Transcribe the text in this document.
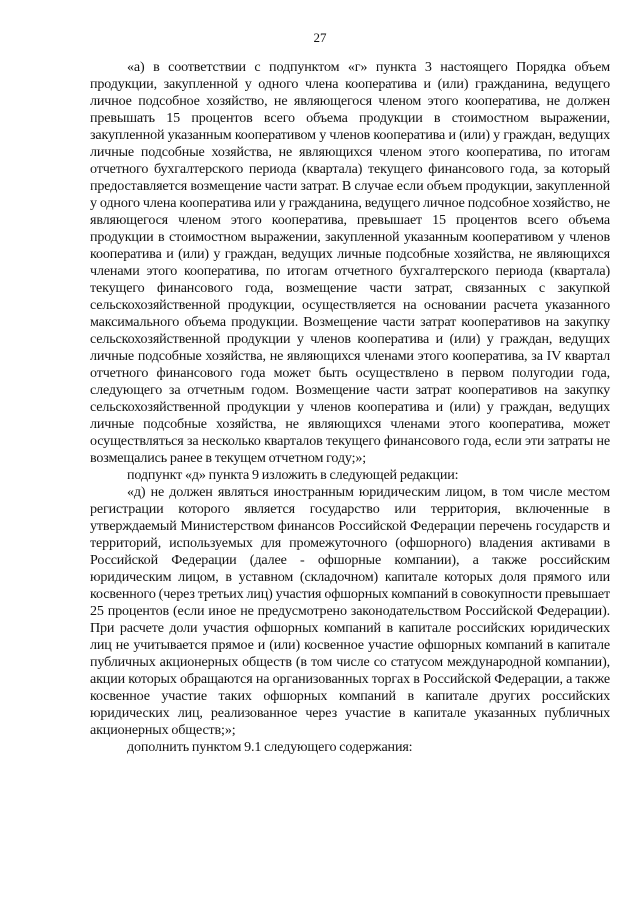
27

«а) в соответствии с подпунктом «г» пункта 3 настоящего Порядка объем продукции, закупленной у одного члена кооператива и (или) гражданина, ведущего личное подсобное хозяйство, не являющегося членом этого кооператива, не должен превышать 15 процентов всего объема продукции в стоимостном выражении, закупленной указанным кооперативом у членов кооператива и (или) у граждан, ведущих личные подсобные хозяйства, не являющихся членом этого кооператива, по итогам отчетного бухгалтерского периода (квартала) текущего финансового года, за который предоставляется возмещение части затрат. В случае если объем продукции, закупленной у одного члена кооператива или у гражданина, ведущего личное подсобное хозяйство, не являющегося членом этого кооператива, превышает 15 процентов всего объема продукции в стоимостном выражении, закупленной указанным кооперативом у членов кооператива и (или) у граждан, ведущих личные подсобные хозяйства, не являющихся членами этого кооператива, по итогам отчетного бухгалтерского периода (квартала) текущего финансового года, возмещение части затрат, связанных с закупкой сельскохозяйственной продукции, осуществляется на основании расчета указанного максимального объема продукции. Возмещение части затрат кооперативов на закупку сельскохозяйственной продукции у членов кооператива и (или) у граждан, ведущих личные подсобные хозяйства, не являющихся членами этого кооператива, за IV квартал отчетного финансового года может быть осуществлено в первом полугодии года, следующего за отчетным годом. Возмещение части затрат кооперативов на закупку сельскохозяйственной продукции у членов кооператива и (или) у граждан, ведущих личные подсобные хозяйства, не являющихся членами этого кооператива, может осуществляться за несколько кварталов текущего финансового года, если эти затраты не возмещались ранее в текущем отчетном году;»;

подпункт «д» пункта 9 изложить в следующей редакции:

«д) не должен являться иностранным юридическим лицом, в том числе местом регистрации которого является государство или территория, включенные в утверждаемый Министерством финансов Российской Федерации перечень государств и территорий, используемых для промежуточного (офшорного) владения активами в Российской Федерации (далее - офшорные компании), а также российским юридическим лицом, в уставном (складочном) капитале которых доля прямого или косвенного (через третьих лиц) участия офшорных компаний в совокупности превышает 25 процентов (если иное не предусмотрено законодательством Российской Федерации). При расчете доли участия офшорных компаний в капитале российских юридических лиц не учитывается прямое и (или) косвенное участие офшорных компаний в капитале публичных акционерных обществ (в том числе со статусом международной компании), акции которых обращаются на организованных торгах в Российской Федерации, а также косвенное участие таких офшорных компаний в капитале других российских юридических лиц, реализованное через участие в капитале указанных публичных акционерных обществ;»;

дополнить пунктом 9.1 следующего содержания:
